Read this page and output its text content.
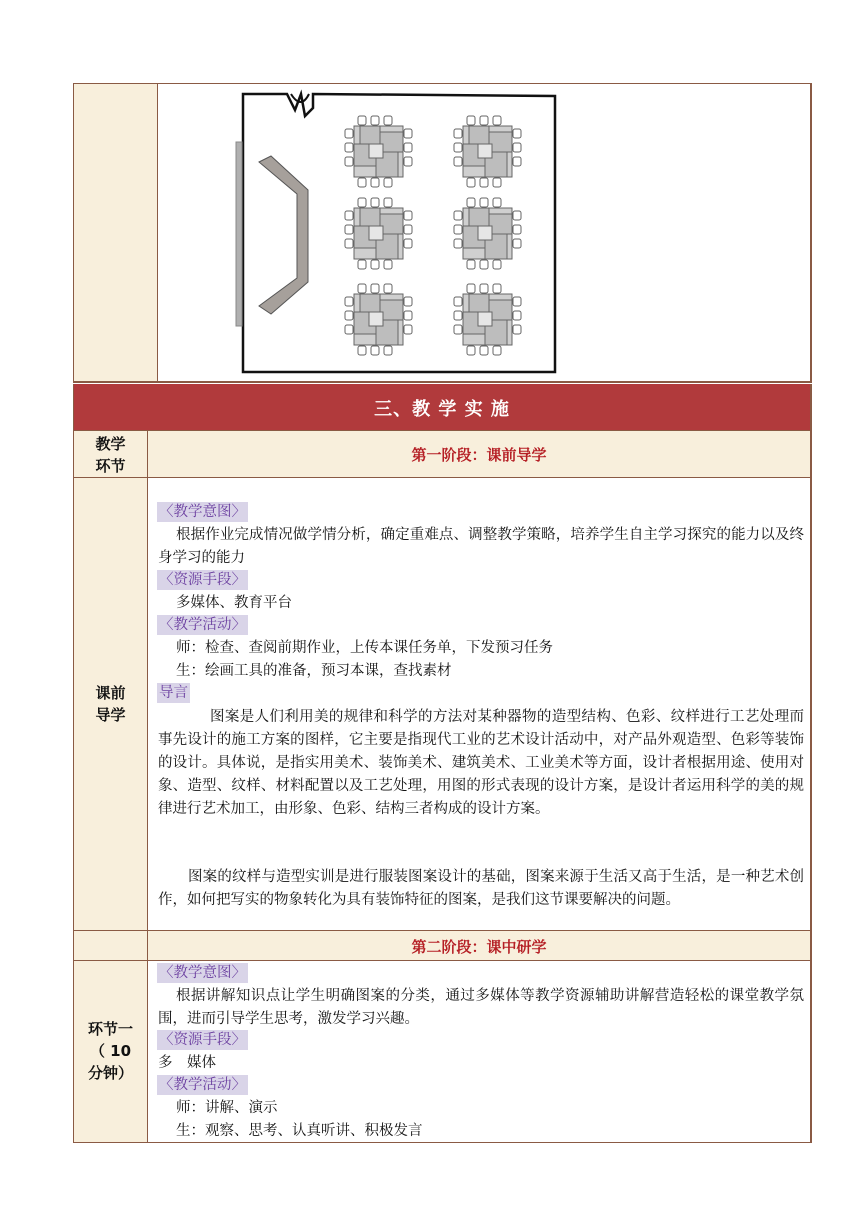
三、教 学 实 施
教学
环节
第一阶段：课前导学
课前
导学
〈教学意图〉
根据作业完成情况做学情分析，确定重难点、调整教学策略，培养学生自主学习探究的能力以及终身学习的能力
〈资源手段〉
多媒体、教育平台
〈教学活动〉
师：检查、查阅前期作业，上传本课任务单，下发预习任务
生：绘画工具的准备，预习本课，查找素材
导言
图案是人们利用美的规律和科学的方法对某种器物的造型结构、色彩、纹样进行工艺处理而事先设计的施工方案的图样，它主要是指现代工业的艺术设计活动中，对产品外观造型、色彩等装饰的设计。具体说，是指实用美术、装饰美术、建筑美术、工业美术等方面，设计者根据用途、使用对象、造型、纹样、材料配置以及工艺处理，用图的形式表现的设计方案，是设计者运用科学的美的规律进行艺术加工，由形象、色彩、结构三者构成的设计方案。
图案的纹样与造型实训是进行服装图案设计的基础，图案来源于生活又高于生活，是一种艺术创作，如何把写实的物象转化为具有装饰特征的图案，是我们这节课要解决的问题。
第二阶段：课中研学
环节一
（ 10
分钟）
〈教学意图〉
根据讲解知识点让学生明确图案的分类，通过多媒体等教学资源辅助讲解营造轻松的课堂教学氛围，进而引导学生思考，激发学习兴趣。
〈资源手段〉
多　媒体
〈教学活动〉
师：讲解、演示
生：观察、思考、认真听讲、积极发言
